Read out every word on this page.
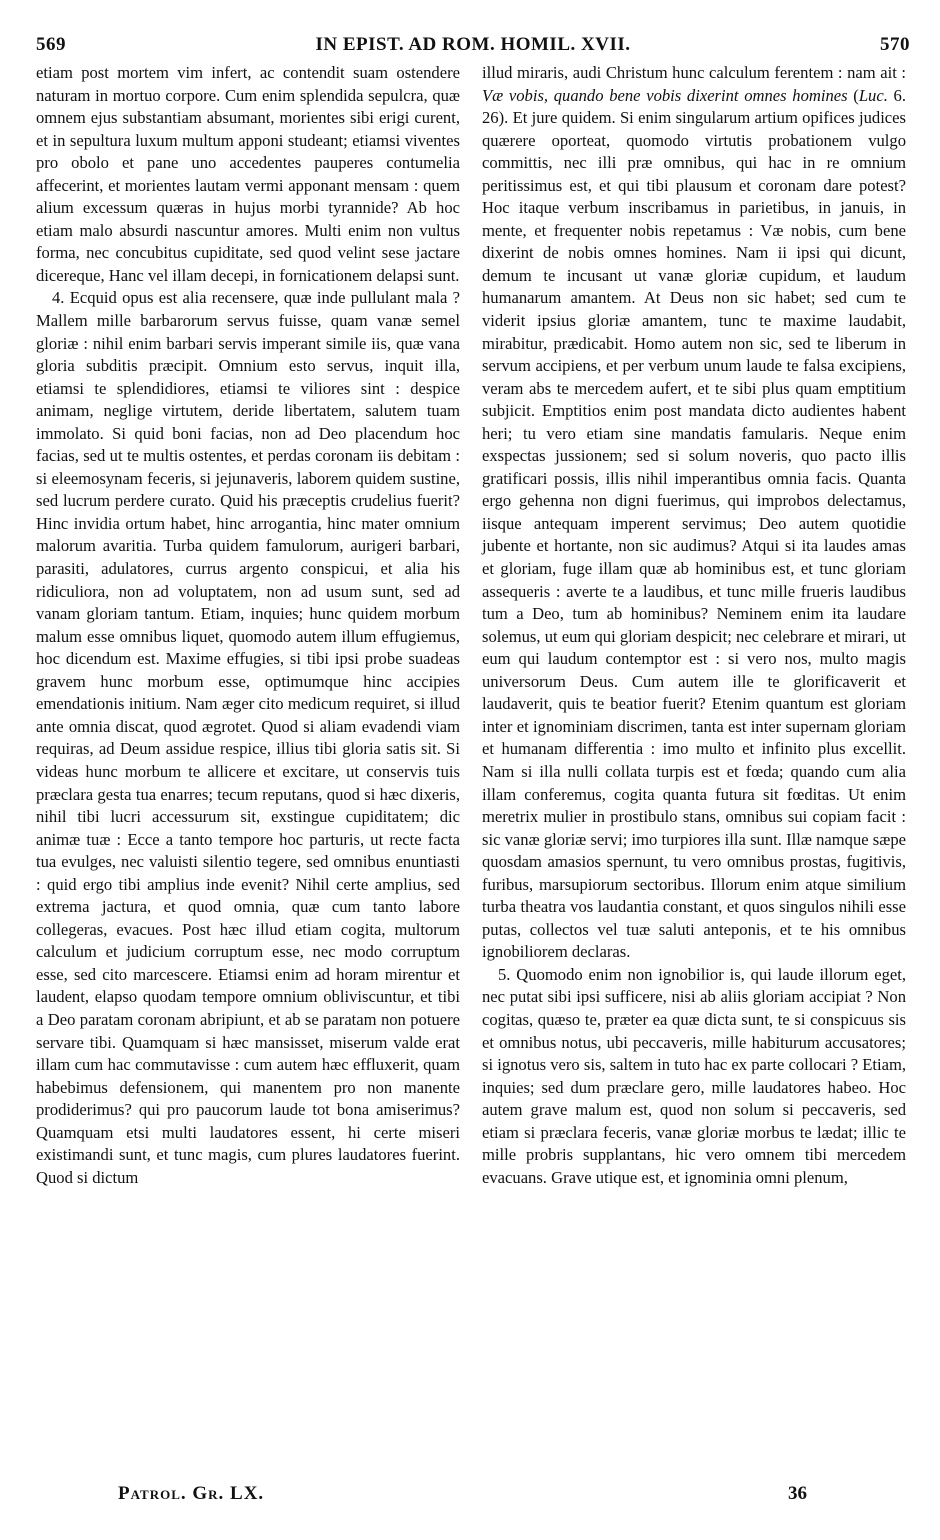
569	IN EPIST. AD ROM. HOMIL. XVII.	570

etiam post mortem vim infert, ac contendit suam ostendere naturam in mortuo corpore. Cum enim splendida sepulcra, quæ omnem ejus substantiam absumant, morientes sibi erigi curent, et in sepultura luxum multum apponi studeant; etiamsi viventes pro obolo et pane uno accedentes pauperes contumelia affecerint, et morientes lautam vermi apponant mensam : quem alium excessum quæras in hujus morbi tyrannide? Ab hoc etiam malo absurdi nascuntur amores. Multi enim non vultus forma, nec concubitus cupiditate, sed quod velint sese jactare dicereque, Hanc vel illam decepi, in fornicationem delapsi sunt.

4. Ecquid opus est alia recensere, quæ inde pullulant mala ? Mallem mille barbarorum servus fuisse, quam vanæ semel gloriæ : nihil enim barbari servis imperant simile iis, quæ vana gloria subditis præcipit. Omnium esto servus, inquit illa, etiamsi te splendidiores, etiamsi te viliores sint : despice animam, neglige virtutem, deride libertatem, salutem tuam immolato. Si quid boni facias, non ad Deo placendum hoc facias, sed ut te multis ostentes, et perdas coronam iis debitam : si eleemosynam feceris, si jejunaveris, laborem quidem sustine, sed lucrum perdere curato. Quid his præceptis crudelius fuerit? Hinc invidia ortum habet, hinc arrogantia, hinc mater omnium malorum avaritia. Turba quidem famulorum, aurigeri barbari, parasiti, adulatores, currus argento conspicui, et alia his ridiculiora, non ad voluptatem, non ad usum sunt, sed ad vanam gloriam tantum. Etiam, inquies; hunc quidem morbum malum esse omnibus liquet, quomodo autem illum effugiemus, hoc dicendum est. Maxime effugies, si tibi ipsi probe suadeas gravem hunc morbum esse, optimumque hinc accipies emendationis initium. Nam æger cito medicum requiret, si illud ante omnia discat, quod ægrotet. Quod si aliam evadendi viam requiras, ad Deum assidue respice, illius tibi gloria satis sit. Si videas hunc morbum te allicere et excitare, ut conservis tuis præclara gesta tua enarres; tecum reputans, quod si hæc dixeris, nihil tibi lucri accessurum sit, exstingue cupiditatem; dic animæ tuæ : Ecce a tanto tempore hoc parturis, ut recte facta tua evulges, nec valuisti silentio tegere, sed omnibus enuntiasti : quid ergo tibi amplius inde evenit? Nihil certe amplius, sed extrema jactura, et quod omnia, quæ cum tanto labore collegeras, evacues. Post hæc illud etiam cogita, multorum calculum et judicium corruptum esse, nec modo corruptum esse, sed cito marcescere. Etiamsi enim ad horam mirentur et laudent, elapso quodam tempore omnium obliviscuntur, et tibi a Deo paratam coronam abripiunt, et ab se paratam non potuere servare tibi. Quamquam si hæc mansisset, miserum valde erat illam cum hac commutavisse : cum autem hæc effluxerit, quam habebimus defensionem, qui manentem pro non manente prodiderimus? qui pro paucorum laude tot bona amiserimus? Quamquam etsi multi laudatores essent, hi certe miseri existimandi sunt, et tunc magis, cum plures laudatores fuerint. Quod si dictum

illud miraris, audi Christum hunc calculum ferentem : nam ait : Væ vobis, quando bene vobis dixerint omnes homines (Luc. 6. 26). Et jure quidem. Si enim singularum artium opifices judices quærere oporteat, quomodo virtutis probationem vulgo committis, nec illi præ omnibus, qui hac in re omnium peritissimus est, et qui tibi plausum et coronam dare potest? Hoc itaque verbum inscribamus in parietibus, in januis, in mente, et frequenter nobis repetamus : Væ nobis, cum bene dixerint de nobis omnes homines. Nam ii ipsi qui dicunt, demum te incusant ut vanæ gloriæ cupidum, et laudum humanarum amantem. At Deus non sic habet; sed cum te viderit ipsius gloriæ amantem, tunc te maxime laudabit, mirabitur, prædicabit. Homo autem non sic, sed te liberum in servum accipiens, et per verbum unum laude te falsa excipiens, veram abs te mercedem aufert, et te sibi plus quam emptitium subjicit. Emptitios enim post mandata dicto audientes habent heri; tu vero etiam sine mandatis famularis. Neque enim exspectas jussionem; sed si solum noveris, quo pacto illis gratificari possis, illis nihil imperantibus omnia facis. Quanta ergo gehenna non digni fuerimus, qui improbos delectamus, iisque antequam imperent servimus; Deo autem quotidie jubente et hortante, non sic audimus? Atqui si ita laudes amas et gloriam, fuge illam quæ ab hominibus est, et tunc gloriam assequeris : averte te a laudibus, et tunc mille frueris laudibus tum a Deo, tum ab hominibus? Neminem enim ita laudare solemus, ut eum qui gloriam despicit; nec celebrare et mirari, ut eum qui laudum contemptor est : si vero nos, multo magis universorum Deus. Cum autem ille te glorificaverit et laudaverit, quis te beatior fuerit? Etenim quantum est gloriam inter et ignominiam discrimen, tanta est inter supernam gloriam et humanam differentia : imo multo et infinito plus excellit. Nam si illa nulli collata turpis est et fœda; quando cum alia illam conferemus, cogita quanta futura sit fœditas. Ut enim meretrix mulier in prostibulo stans, omnibus sui copiam facit : sic vanæ gloriæ servi; imo turpiores illa sunt. Illæ namque sæpe quosdam amasios spernunt, tu vero omnibus prostas, fugitivis, furibus, marsupiorum sectoribus. Illorum enim atque similium turba theatra vos laudantia constant, et quos singulos nihili esse putas, collectos vel tuæ saluti anteponis, et te his omnibus ignobiliorem declaras.

5. Quomodo enim non ignobilior is, qui laude illorum eget, nec putat sibi ipsi sufficere, nisi ab aliis gloriam accipiat ? Non cogitas, quæso te, præter ea quæ dicta sunt, te si conspicuus sis et omnibus notus, ubi peccaveris, mille habiturum accusatores; si ignotus vero sis, saltem in tuto hac ex parte collocari ? Etiam, inquies; sed dum præclare gero, mille laudatores habeo. Hoc autem grave malum est, quod non solum si peccaveris, sed etiam si præclara feceris, vanæ gloriæ morbus te lædat; illic te mille probris supplantans, hic vero omnem tibi mercedem evacuans. Grave utique est, et ignominia omni plenum,

Patrol. Gr. LX.	36
